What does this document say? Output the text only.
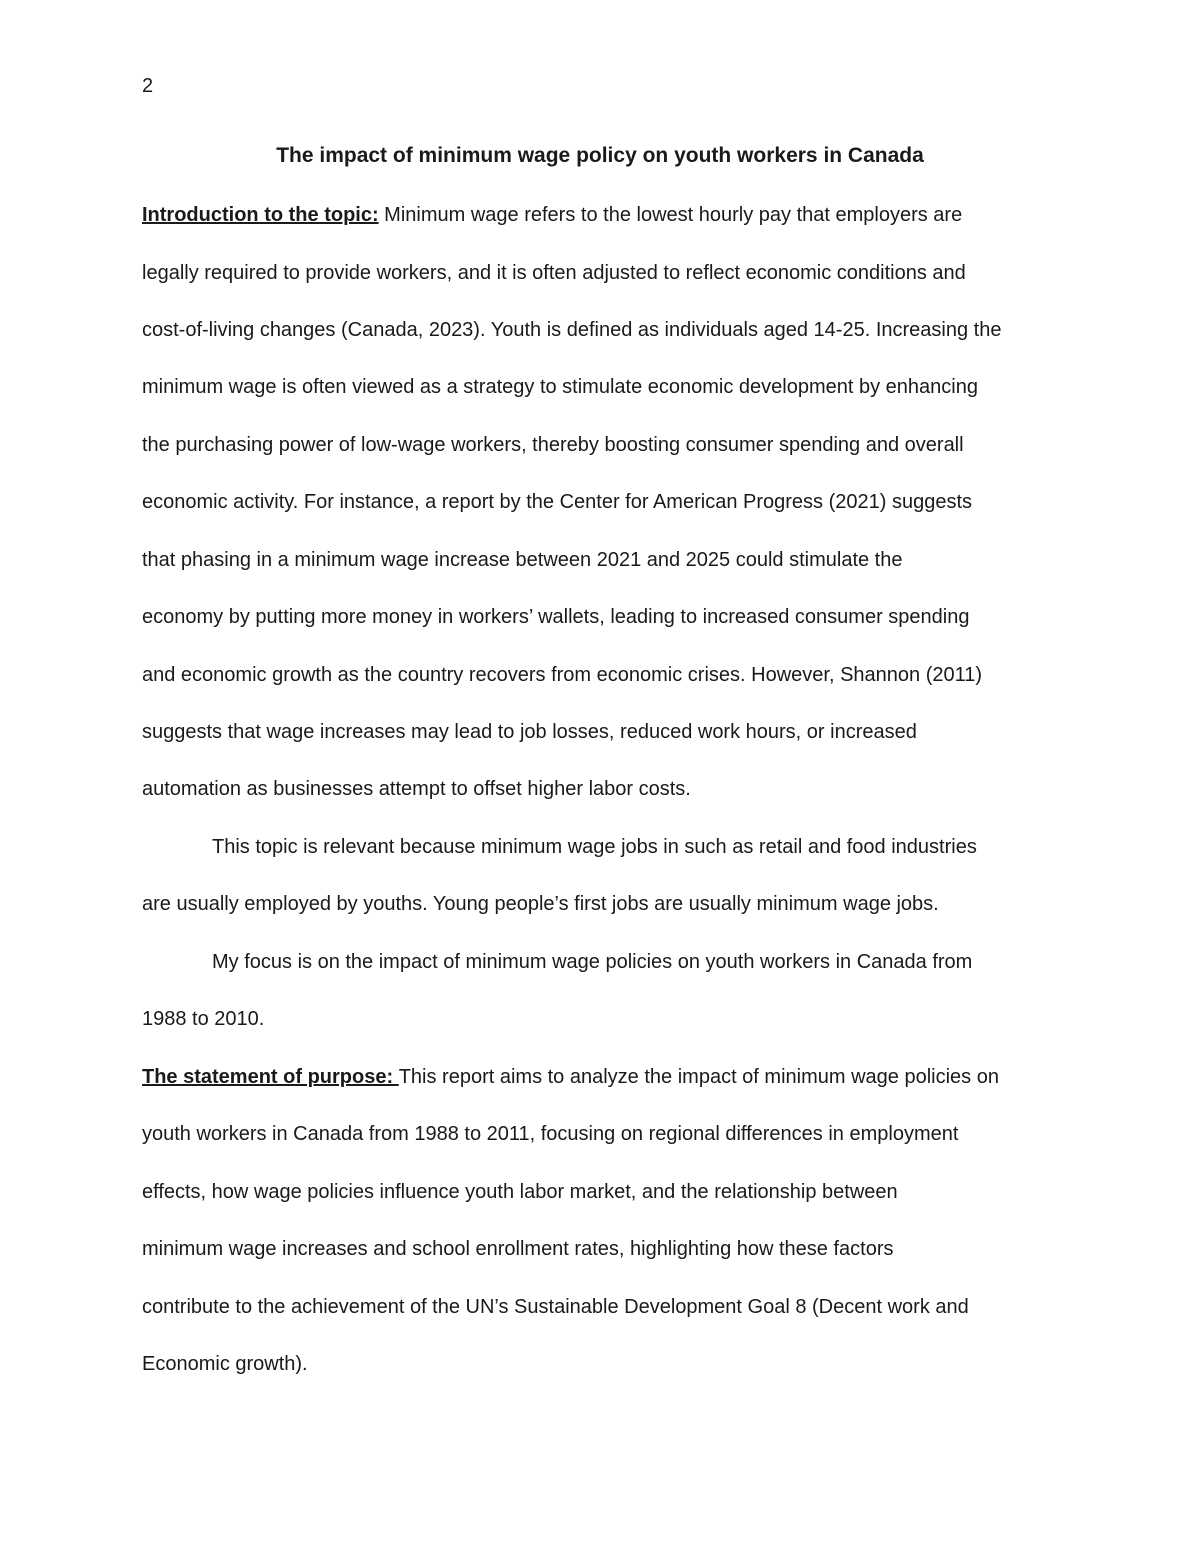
2
The impact of minimum wage policy on youth workers in Canada
Introduction to the topic: Minimum wage refers to the lowest hourly pay that employers are
legally required to provide workers, and it is often adjusted to reflect economic conditions and
cost-of-living changes (Canada, 2023). Youth is defined as individuals aged 14-25. Increasing the
minimum wage is often viewed as a strategy to stimulate economic development by enhancing
the purchasing power of low-wage workers, thereby boosting consumer spending and overall
economic activity. For instance, a report by the Center for American Progress (2021) suggests
that phasing in a minimum wage increase between 2021 and 2025 could stimulate the
economy by putting more money in workers’ wallets, leading to increased consumer spending
and economic growth as the country recovers from economic crises. However, Shannon (2011)
suggests that wage increases may lead to job losses, reduced work hours, or increased
automation as businesses attempt to offset higher labor costs.
This topic is relevant because minimum wage jobs in such as retail and food industries
are usually employed by youths. Young people’s first jobs are usually minimum wage jobs.
My focus is on the impact of minimum wage policies on youth workers in Canada from
1988 to 2010.
The statement of purpose: This report aims to analyze the impact of minimum wage policies on
youth workers in Canada from 1988 to 2011, focusing on regional differences in employment
effects, how wage policies influence youth labor market, and the relationship between
minimum wage increases and school enrollment rates, highlighting how these factors
contribute to the achievement of the UN’s Sustainable Development Goal 8 (Decent work and
Economic growth).
